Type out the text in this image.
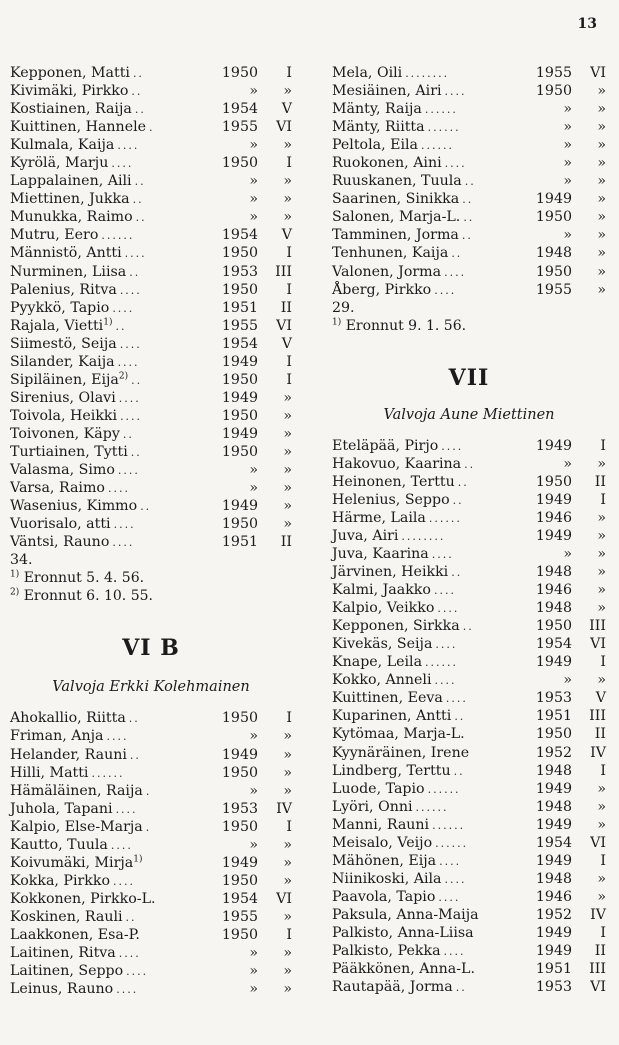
13
Kepponen, Matti ..	1950	I
Kivimäki, Pirkko ..	»	»
Kostiainen, Raija ..	1954	V
Kuittinen, Hannele .	1955	VI
Kulmala, Kaija ....	»	»
Kyrölä, Marju ....	1950	I
Lappalainen, Aili ..	»	»
Miettinen, Jukka ..	»	»
Munukka, Raimo ..	»	»
Mutru, Eero ......	1954	V
Männistö, Antti ....	1950	I
Nurminen, Liisa ..	1953	III
Palenius, Ritva ....	1950	I
Pyykkö, Tapio ....	1951	II
Rajala, Vietti$^{1)}$ ..	1955	VI
Siimestö, Seija ....	1954	V
Silander, Kaija ....	1949	I
Sipiläinen, Eija$^{2)}$ ..	1950	I
Sirenius, Olavi ....	1949	»
Toivola, Heikki ....	1950	»
Toivonen, Käpy ..	1949	»
Turtiainen, Tytti ..	1950	»
Valasma, Simo ....	»	»
Varsa, Raimo ....	»	»
Wasenius, Kimmo ..	1949	»
Vuorisalo, atti ....	1950	»
Väntsi, Rauno ....	1951	II
34.
$^{1)}$ Eronnut 5. 4. 56.
$^{2)}$ Eronnut 6. 10. 55.
VI B
Valvoja Erkki Kolehmainen
Ahokallio, Riitta ..	1950	I
Friman, Anja ....	»	»
Helander, Rauni ..	1949	»
Hilli, Matti ......	1950	»
Hämäläinen, Raija .	»	»
Juhola, Tapani ....	1953	IV
Kalpio, Else-Marja .	1950	I
Kautto, Tuula ....	»	»
Koivumäki, Mirja$^{1)}$	1949	»
Kokka, Pirkko ....	1950	»
Kokkonen, Pirkko-L.	1954	VI
Koskinen, Rauli ..	1955	»
Laakkonen, Esa-P.	1950	I
Laitinen, Ritva ....	»	»
Laitinen, Seppo ....	»	»
Leinus, Rauno ....	»	»
Mela, Oili ........	1955	VI
Mesiäinen, Airi ....	1950	»
Mänty, Raija ......	»	»
Mänty, Riitta ......	»	»
Peltola, Eila ......	»	»
Ruokonen, Aini ....	»	»
Ruuskanen, Tuula ..	»	»
Saarinen, Sinikka ..	1949	»
Salonen, Marja-L. ..	1950	»
Tamminen, Jorma ..	»	»
Tenhunen, Kaija ..	1948	»
Valonen, Jorma ....	1950	»
Åberg, Pirkko ....	1955	»
29.
$^{1)}$ Eronnut 9. 1. 56.
VII
Valvoja Aune Miettinen
Eteläpää, Pirjo ....	1949	I
Hakovuo, Kaarina ..	»	»
Heinonen, Terttu ..	1950	II
Helenius, Seppo ..	1949	I
Härme, Laila ......	1946	»
Juva, Airi ........	1949	»
Juva, Kaarina ....	»	»
Järvinen, Heikki ..	1948	»
Kalmi, Jaakko ....	1946	»
Kalpio, Veikko ....	1948	»
Kepponen, Sirkka ..	1950	III
Kivekäs, Seija ....	1954	VI
Knape, Leila ......	1949	I
Kokko, Anneli ....	»	»
Kuittinen, Eeva ....	1953	V
Kuparinen, Antti ..	1951	III
Kytömaa, Marja-L.	1950	II
Kyynäräinen, Irene	1952	IV
Lindberg, Terttu ..	1948	I
Luode, Tapio ......	1949	»
Lyöri, Onni ......	1948	»
Manni, Rauni ......	1949	»
Meisalo, Veijo ......	1954	VI
Mähönen, Eija ....	1949	I
Niinikoski, Aila ....	1948	»
Paavola, Tapio ....	1946	»
Paksula, Anna-Maija	1952	IV
Palkisto, Anna-Liisa	1949	I
Palkisto, Pekka ....	1949	II
Pääkkönen, Anna-L.	1951	III
Rautapää, Jorma ..	1953	VI
